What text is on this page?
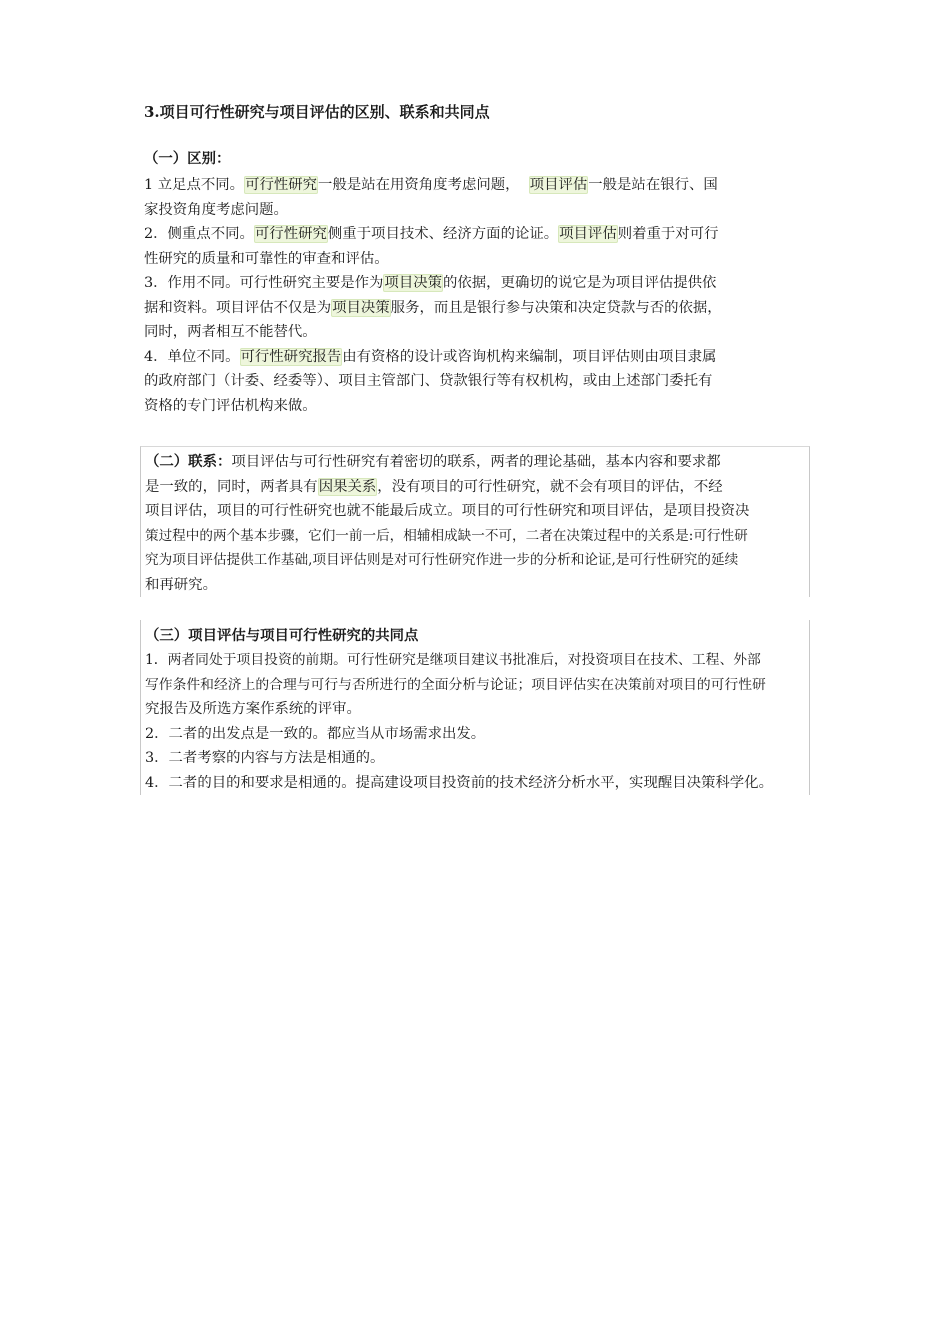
3.项目可行性研究与项目评估的区别、联系和共同点
（一）区别：
1 立足点不同。可行性研究一般是站在用资角度考虑问题，  项目评估一般是站在银行、国
家投资角度考虑问题。
2．侧重点不同。可行性研究侧重于项目技术、经济方面的论证。项目评估则着重于对可行
性研究的质量和可靠性的审查和评估。
3．作用不同。可行性研究主要是作为项目决策的依据，更确切的说它是为项目评估提供依
据和资料。项目评估不仅是为项目决策服务，而且是银行参与决策和决定贷款与否的依据，
同时，两者相互不能替代。
4．单位不同。可行性研究报告由有资格的设计或咨询机构来编制，项目评估则由项目隶属
的政府部门（计委、经委等）、项目主管部门、贷款银行等有权机构，或由上述部门委托有
资格的专门评估机构来做。
（二）联系：项目评估与可行性研究有着密切的联系，两者的理论基础，基本内容和要求都
是一致的，同时，两者具有因果关系，没有项目的可行性研究，就不会有项目的评估，不经
项目评估，项目的可行性研究也就不能最后成立。项目的可行性研究和项目评估，是项目投资决
策过程中的两个基本步骤，它们一前一后，相辅相成缺一不可，二者在决策过程中的关系是:可行性研
究为项目评估提供工作基础,项目评估则是对可行性研究作进一步的分析和论证,是可行性研究的延续
和再研究。
（三）项目评估与项目可行性研究的共同点
1．两者同处于项目投资的前期。可行性研究是继项目建议书批准后，对投资项目在技术、工程、外部
写作条件和经济上的合理与可行与否所进行的全面分析与论证；项目评估实在决策前对项目的可行性研
究报告及所选方案作系统的评审。
2．二者的出发点是一致的。都应当从市场需求出发。
3．二者考察的内容与方法是相通的。
4．二者的目的和要求是相通的。提高建设项目投资前的技术经济分析水平，实现醒目决策科学化。
